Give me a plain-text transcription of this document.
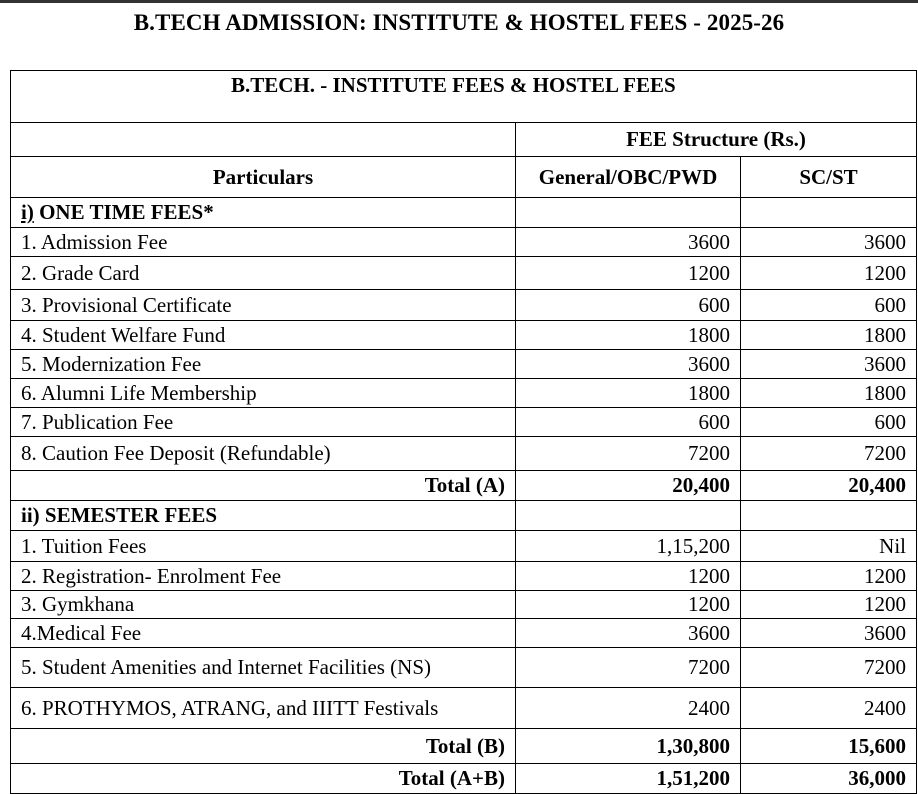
B.TECH ADMISSION: INSTITUTE & HOSTEL FEES - 2025-26
B.TECH. - INSTITUTE FEES & HOSTEL FEES		
	FEE Structure (Rs.)	
Particulars	General/OBC/PWD	SC/ST
i) ONE TIME FEES*		
1. Admission Fee	3600	3600
2. Grade Card	1200	1200
3. Provisional Certificate	600	600
4. Student Welfare Fund	1800	1800
5. Modernization Fee	3600	3600
6. Alumni Life Membership	1800	1800
7. Publication Fee	600	600
8. Caution Fee Deposit (Refundable)	7200	7200
Total (A)	20,400	20,400
ii) SEMESTER FEES		
1. Tuition Fees	1,15,200	Nil
2. Registration- Enrolment Fee	1200	1200
3. Gymkhana	1200	1200
4.Medical Fee	3600	3600
5. Student Amenities and Internet Facilities (NS)	7200	7200
6. PROTHYMOS, ATRANG, and IIITT Festivals	2400	2400
Total (B)	1,30,800	15,600
Total (A+B)	1,51,200	36,000
